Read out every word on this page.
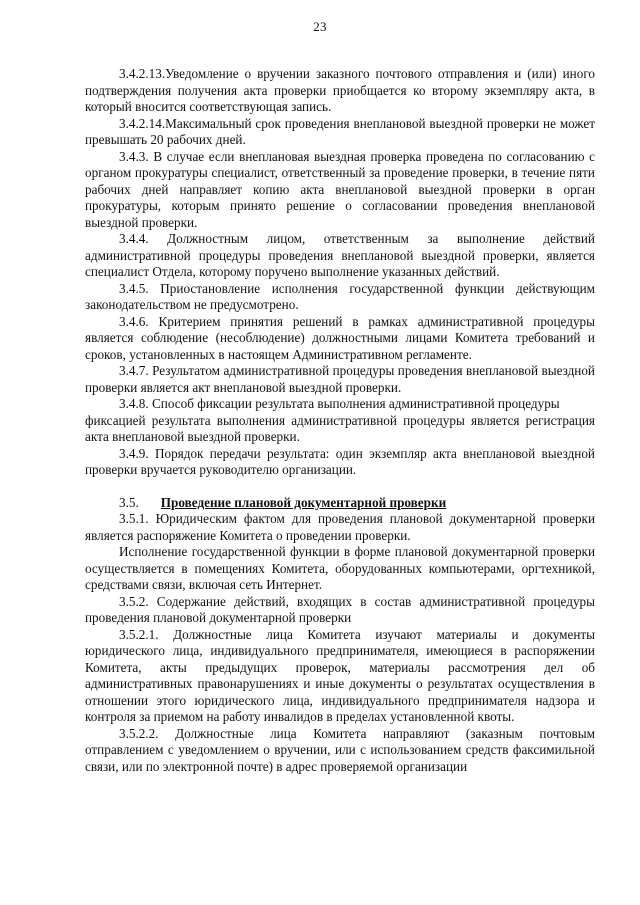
23

3.4.2.13.Уведомление о вручении заказного почтового отправления и (или) иного подтверждения получения акта проверки приобщается ко второму экземпляру акта, в который вносится соответствующая запись.

3.4.2.14.Максимальный срок проведения внеплановой выездной проверки не может превышать 20 рабочих дней.

3.4.3. В случае если внеплановая выездная проверка проведена по согласованию с органом прокуратуры специалист, ответственный за проведение проверки, в течение пяти рабочих дней направляет копию акта внеплановой выездной проверки в орган прокуратуры, которым принято решение о согласовании проведения внеплановой выездной проверки.

3.4.4. Должностным лицом, ответственным за выполнение действий административной процедуры проведения внеплановой выездной проверки, является специалист Отдела, которому поручено выполнение указанных действий.

3.4.5. Приостановление исполнения государственной функции действующим законодательством не предусмотрено.

3.4.6. Критерием принятия решений в рамках административной процедуры является соблюдение (несоблюдение) должностными лицами Комитета требований и сроков, установленных в настоящем Административном регламенте.

3.4.7. Результатом административной процедуры проведения внеплановой выездной проверки является акт внеплановой выездной проверки.

3.4.8. Способ фиксации результата выполнения административной процедуры

фиксацией результата выполнения административной процедуры является регистрация акта внеплановой выездной проверки.

3.4.9. Порядок передачи результата: один экземпляр акта внеплановой выездной проверки вручается руководителю организации.

3.5. Проведение плановой документарной проверки

3.5.1. Юридическим фактом для проведения плановой документарной проверки является распоряжение Комитета о проведении проверки.

Исполнение государственной функции в форме плановой документарной проверки осуществляется в помещениях Комитета, оборудованных компьютерами, оргтехникой, средствами связи, включая сеть Интернет.

3.5.2. Содержание действий, входящих в состав административной процедуры проведения плановой документарной проверки

3.5.2.1. Должностные лица Комитета изучают материалы и документы юридического лица, индивидуального предпринимателя, имеющиеся в распоряжении Комитета, акты предыдущих проверок, материалы рассмотрения дел об административных правонарушениях и иные документы о результатах осуществления в отношении этого юридического лица, индивидуального предпринимателя надзора и контроля за приемом на работу инвалидов в пределах установленной квоты.

3.5.2.2. Должностные лица Комитета направляют (заказным почтовым отправлением с уведомлением о вручении, или с использованием средств факсимильной связи, или по электронной почте) в адрес проверяемой организации
